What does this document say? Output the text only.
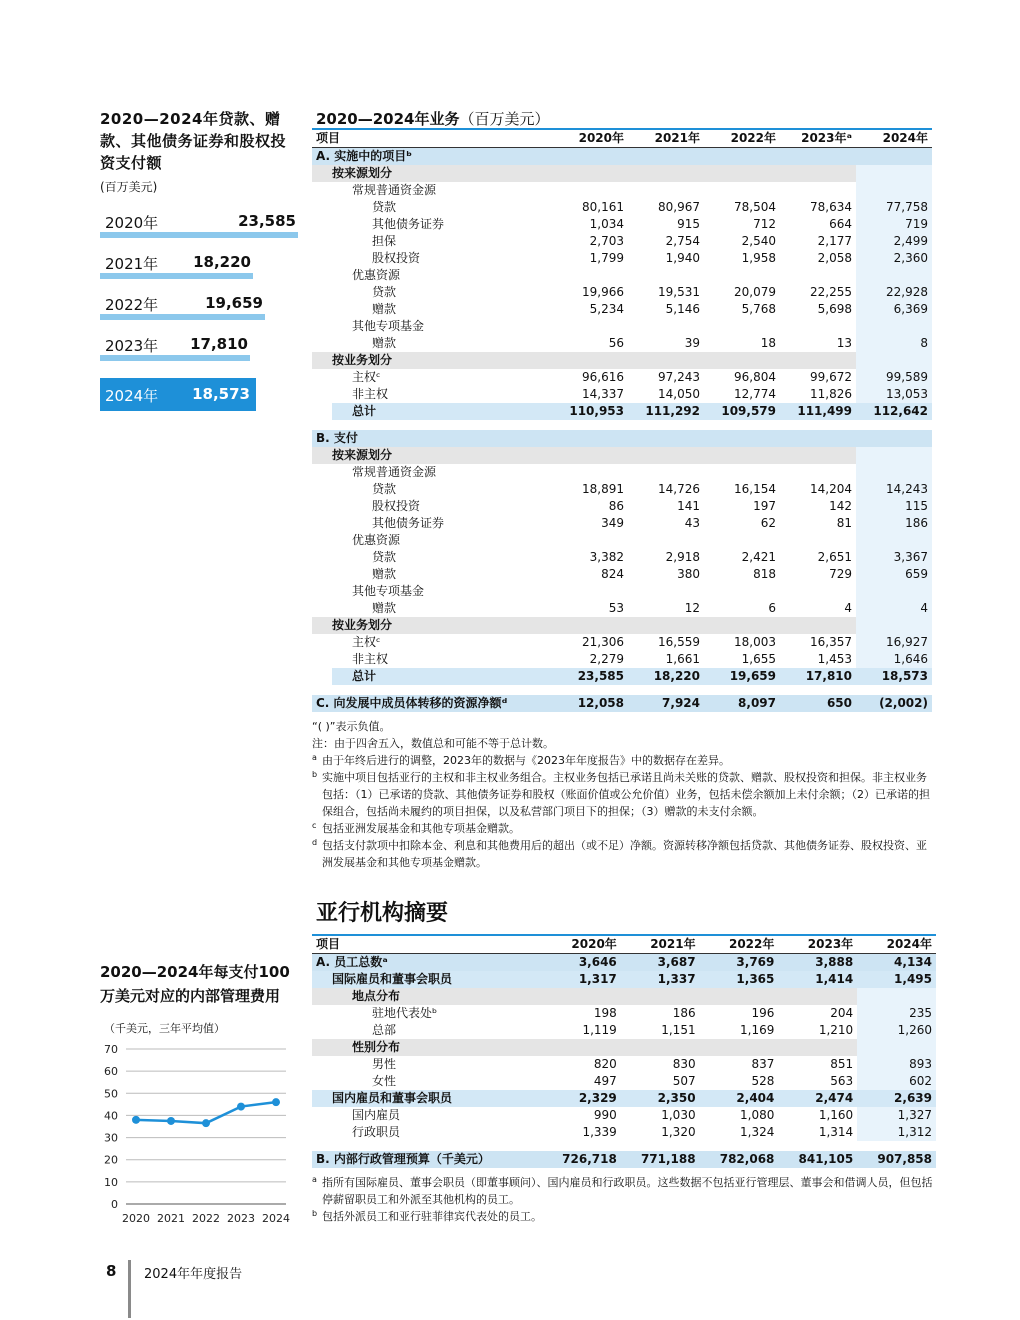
2020—2024年贷款、赠款、其他债务证券和股权投资支付额
(百万美元)
2020年	23,585
2021年 18,220
2022年	19,659
2023年 17,810
2024年 18,573
2020—2024年业务（百万美元）
项目	2020年	2021年	2022年	2023年ᵃ	2024年
A. 实施中的项目ᵇ					
按来源划分					
常规普通资金源					
贷款	80,161	80,967	78,504	78,634	77,758
其他债务证券	1,034	915	712	664	719
担保	2,703	2,754	2,540	2,177	2,499
股权投资	1,799	1,940	1,958	2,058	2,360
优惠资源					
贷款	19,966	19,531	20,079	22,255	22,928
赠款	5,234	5,146	5,768	5,698	6,369
其他专项基金					
赠款	56	39	18	13	8
按业务划分					
主权ᶜ	96,616	97,243	96,804	99,672	99,589
非主权	14,337	14,050	12,774	11,826	13,053
总计	110,953	111,292	109,579	111,499	112,642

B. 支付					
按来源划分					
常规普通资金源					
贷款	18,891	14,726	16,154	14,204	14,243
股权投资	86	141	197	142	115
其他债务证券	349	43	62	81	186
优惠资源					
贷款	3,382	2,918	2,421	2,651	3,367
赠款	824	380	818	729	659
其他专项基金					
赠款	53	12	6	4	4
按业务划分					
主权ᶜ	21,306	16,559	18,003	16,357	16,927
非主权	2,279	1,661	1,655	1,453	1,646
总计	23,585	18,220	19,659	17,810	18,573

C. 向发展中成员体转移的资源净额ᵈ	12,058	7,924	8,097	650	(2,002)

“( )”表示负值。

注：由于四舍五入，数值总和可能不等于总计数。

a 由于年终后进行的调整，2023年的数据与《2023年年度报告》中的数据存在差异。

b 实施中项目包括亚行的主权和非主权业务组合。主权业务包括已承诺且尚未关账的贷款、赠款、股权投资和担保。非主权业务包括：（1）已承诺的贷款、其他债务证券和股权（账面价值或公允价值）业务，包括未偿余额加上未付余额；（2）已承诺的担保组合，包括尚未履约的项目担保，以及私营部门项目下的担保；（3）赠款的未支付余额。

c 包括亚洲发展基金和其他专项基金赠款。

d 包括支付款项中扣除本金、利息和其他费用后的超出（或不足）净额。资源转移净额包括贷款、其他债务证券、股权投资、亚洲发展基金和其他专项基金赠款。

亚行机构摘要
项目	2020年	2021年	2022年	2023年	2024年
A. 员工总数ᵃ	3,646	3,687	3,769	3,888	4,134
国际雇员和董事会职员	1,317	1,337	1,365	1,414	1,495
地点分布					
驻地代表处ᵇ	198	186	196	204	235
总部	1,119	1,151	1,169	1,210	1,260
性别分布					
男性	820	830	837	851	893
女性	497	507	528	563	602
国内雇员和董事会职员	2,329	2,350	2,404	2,474	2,639
国内雇员	990	1,030	1,080	1,160	1,327
行政职员	1,339	1,320	1,324	1,314	1,312

B. 内部行政管理预算（千美元）	726,718	771,188	782,068	841,105	907,858

a 指所有国际雇员、董事会职员（即董事顾问）、国内雇员和行政职员。这些数据不包括亚行管理层、董事会和借调人员，但包括停薪留职员工和外派至其他机构的员工。

b 包括外派员工和亚行驻菲律宾代表处的员工。

2020—2024年每支付100万美元对应的内部管理费用
（千美元，三年平均值）
0
10
20
30
40
50
60
70
2020 2021 2022 2023 2024
8 2024年年度报告
